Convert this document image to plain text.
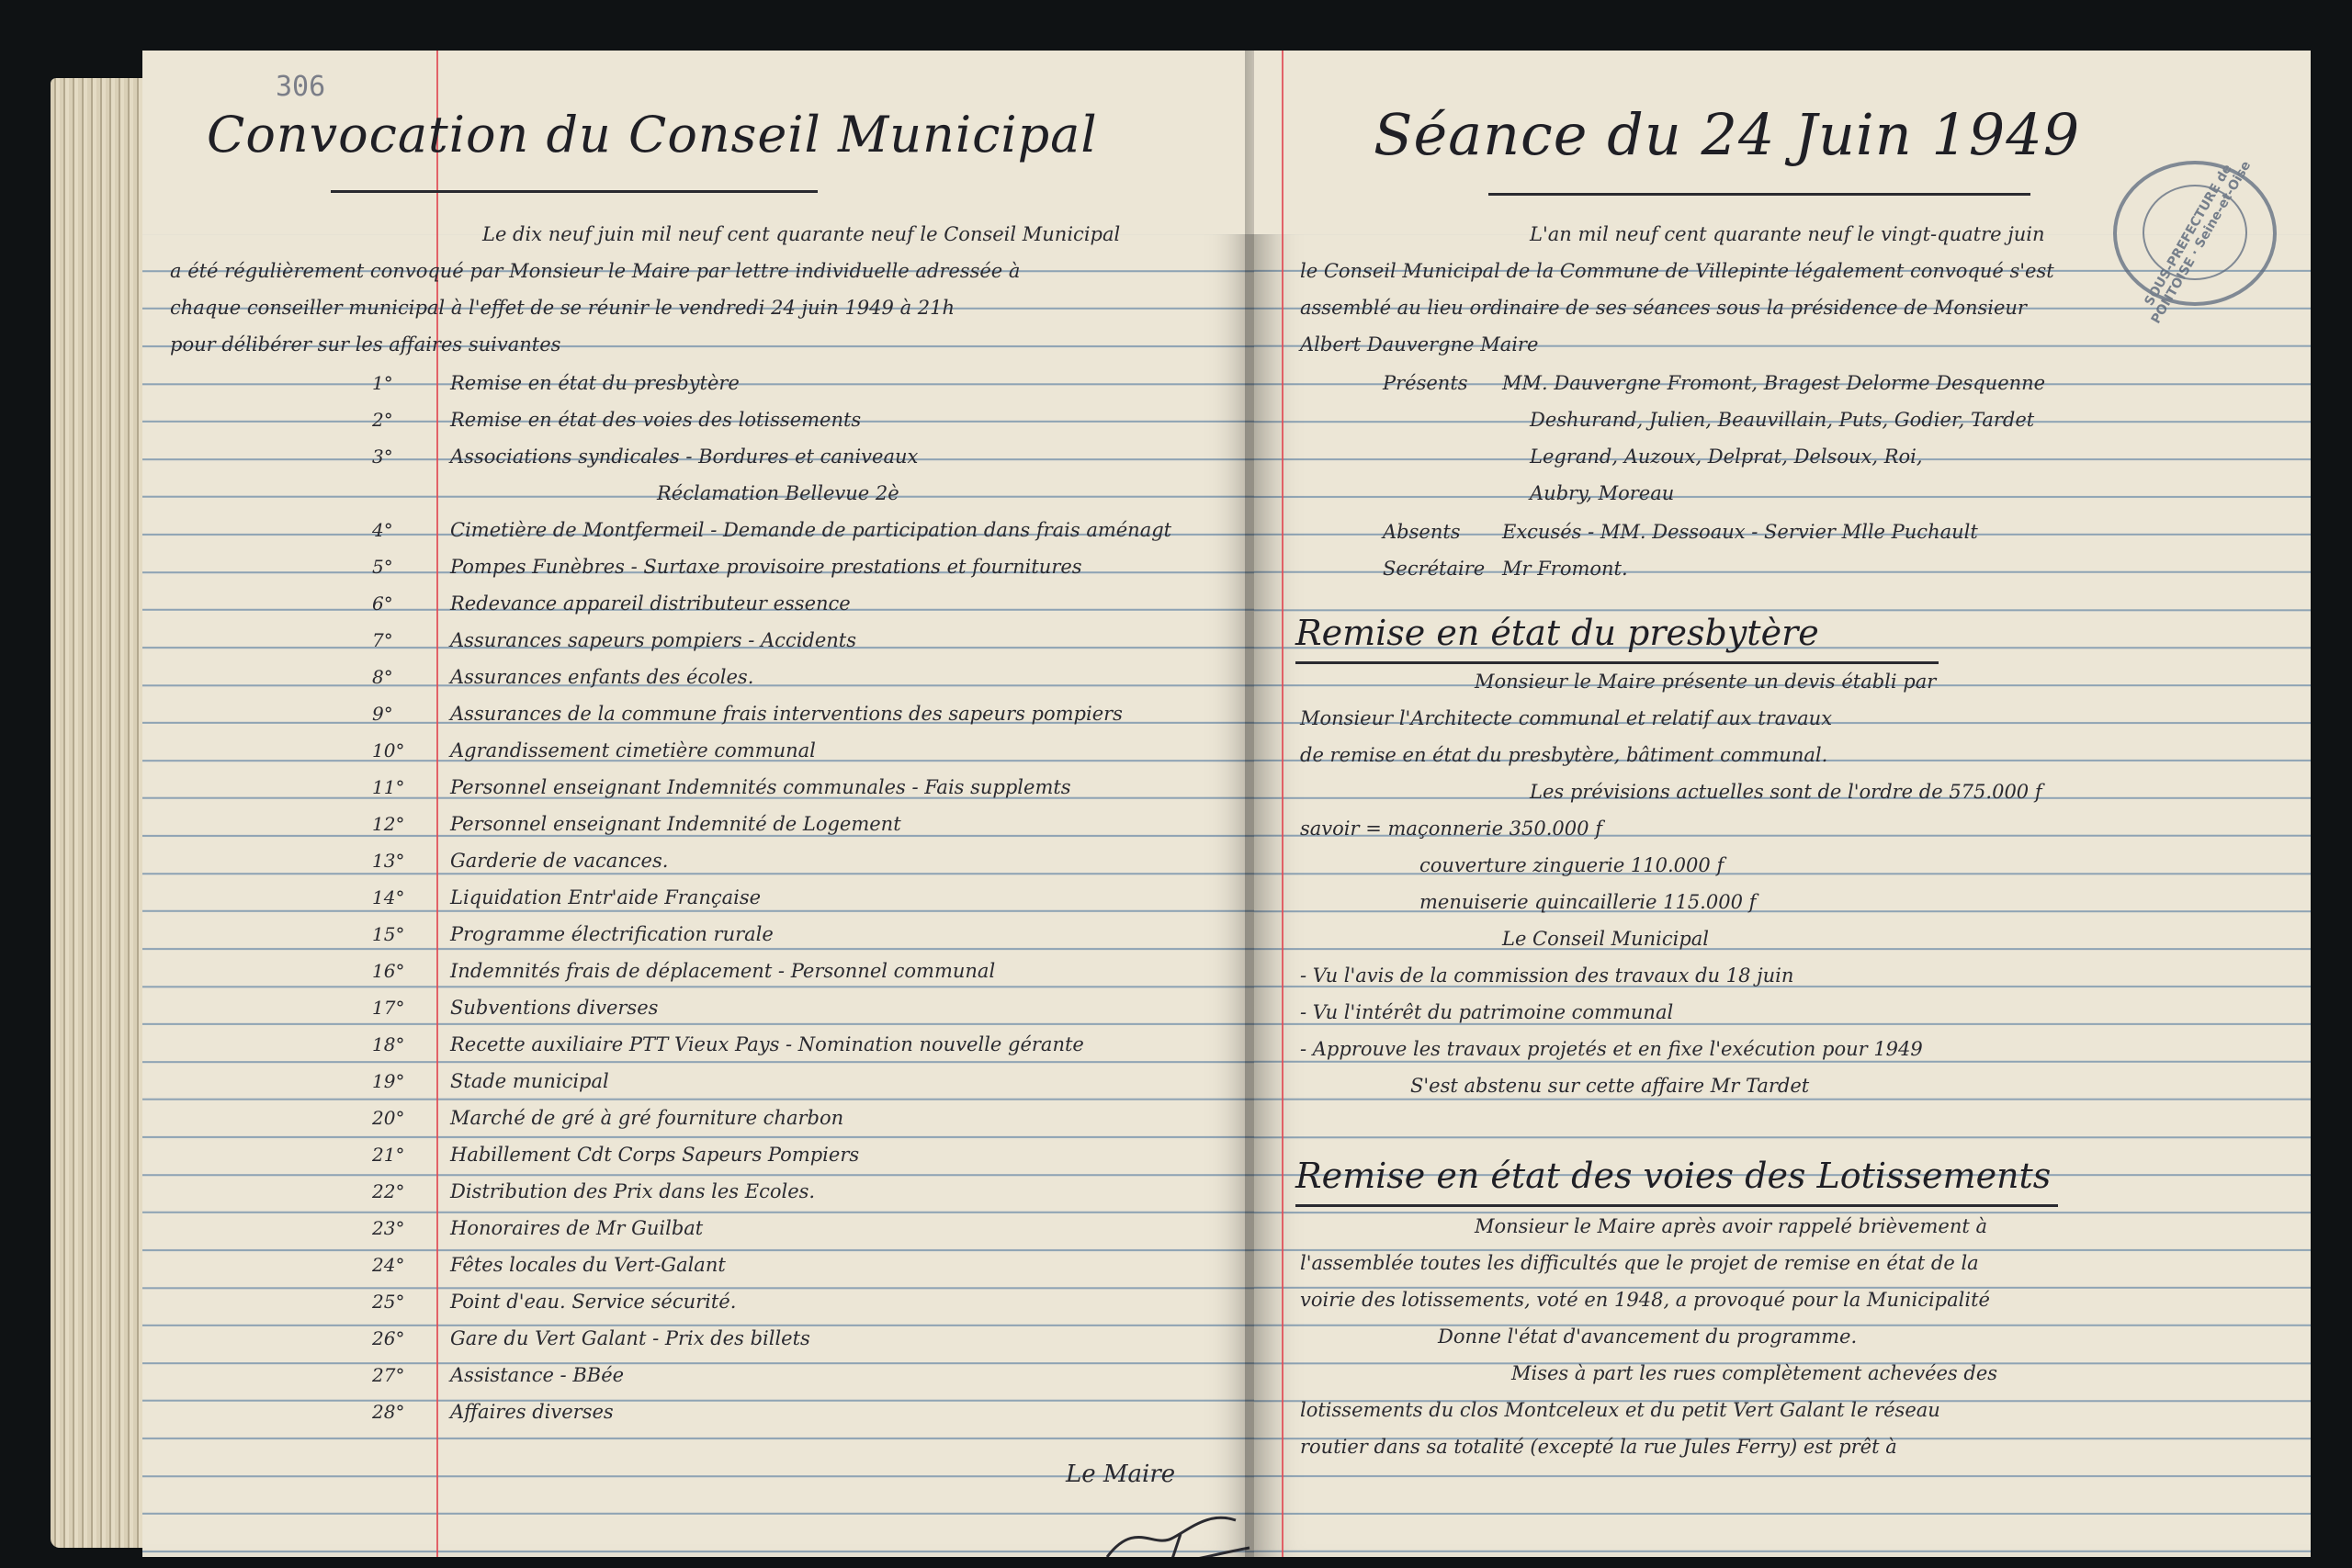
306
Convocation du Conseil Municipal
Le dix neuf juin mil neuf cent quarante neuf le Conseil Municipal
a été régulièrement convoqué par Monsieur le Maire par lettre individuelle adressée à
chaque conseiller municipal à l'effet de se réunir le vendredi 24 juin 1949 à 21h
pour délibérer sur les affaires suivantes
1°	Remise en état du presbytère
2°	Remise en état des voies des lotissements
3°	Associations syndicales - Bordures et caniveaux
Réclamation Bellevue 2è
4°	Cimetière de Montfermeil - Demande de participation dans frais aménagt
5°	Pompes Funèbres - Surtaxe provisoire prestations et fournitures
6°	Redevance appareil distributeur essence
7°	Assurances sapeurs pompiers - Accidents
8°	Assurances enfants des écoles.
9°	Assurances de la commune frais interventions des sapeurs pompiers
10° Agrandissement cimetière communal
11° Personnel enseignant Indemnités communales - Fais supplemts
12° Personnel enseignant Indemnité de Logement
13° Garderie de vacances.
14° Liquidation Entr'aide Française
15° Programme électrification rurale
16° Indemnités frais de déplacement - Personnel communal
17° Subventions diverses
18° Recette auxiliaire PTT Vieux Pays - Nomination nouvelle gérante
19° Stade municipal
20° Marché de gré à gré fourniture charbon
21° Habillement Cdt Corps Sapeurs Pompiers
22° Distribution des Prix dans les Ecoles.
23° Honoraires de Mr Guilbat
24° Fêtes locales du Vert-Galant
25° Point d'eau. Service sécurité.
26° Gare du Vert Galant - Prix des billets
27° Assistance - BBée
28° Affaires diverses
Le Maire
Séance du 24 Juin 1949
L'an mil neuf cent quarante neuf le vingt-quatre juin
le Conseil Municipal de la Commune de Villepinte légalement convoqué s'est
assemblé au lieu ordinaire de ses séances sous la présidence de Monsieur
Albert Dauvergne Maire
Présents MM. Dauvergne Fromont, Bragest Delorme Desquenne
Deshurand, Julien, Beauvillain, Puts, Godier, Tardet
Legrand, Auzoux, Delprat, Delsoux, Roi,
Aubry, Moreau
Absents Excusés - MM. Dessoaux - Servier Mlle Puchault
Secrétaire Mr Fromont.
Remise en état du presbytère
Monsieur le Maire présente un devis établi par
Monsieur l'Architecte communal et relatif aux travaux
de remise en état du presbytère, bâtiment communal.
Les prévisions actuelles sont de l'ordre de 575.000 f
savoir = maçonnerie 350.000 f
couverture zinguerie 110.000 f
menuiserie quincaillerie 115.000 f
Le Conseil Municipal
- Vu l'avis de la commission des travaux du 18 juin
- Vu l'intérêt du patrimoine communal
- Approuve les travaux projetés et en fixe l'exécution pour 1949
S'est abstenu sur cette affaire Mr Tardet
Remise en état des voies des Lotissements
Monsieur le Maire après avoir rappelé brièvement à
l'assemblée toutes les difficultés que le projet de remise en état de la
voirie des lotissements, voté en 1948, a provoqué pour la Municipalité
Donne l'état d'avancement du programme.
Mises à part les rues complètement achevées des
lotissements du clos Montceleux et du petit Vert Galant le réseau
routier dans sa totalité (excepté la rue Jules Ferry) est prêt à
SOUS-PREFECTURE de PONTOISE · Seine-et-Oise
